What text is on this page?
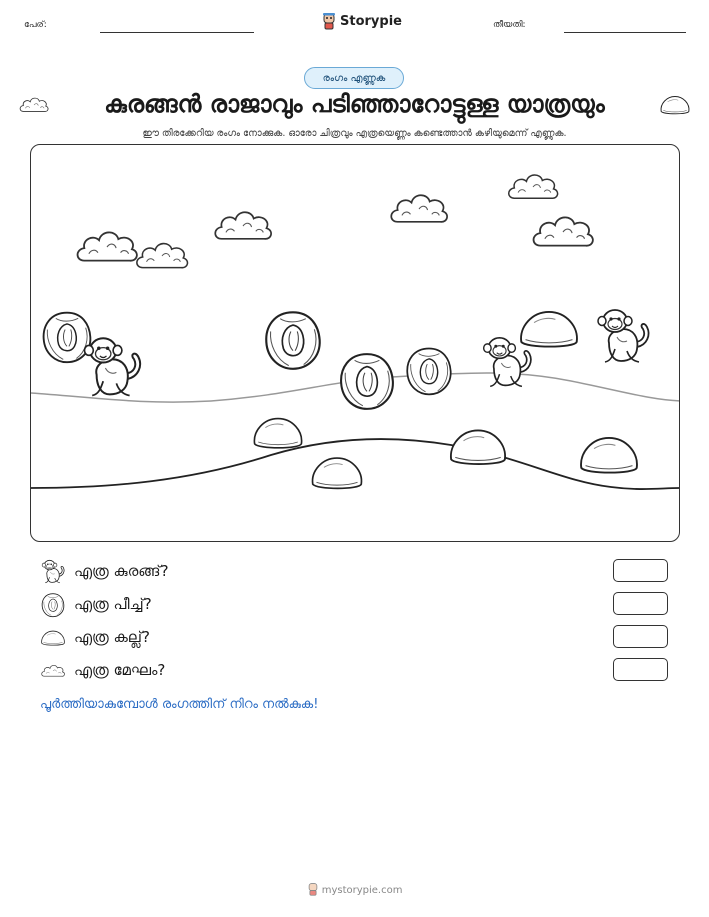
പേര്:	Storypie	തീയതി:
രംഗം എണ്ണുക
കുരങ്ങൻ രാജാവും പടിഞ്ഞാറോട്ടുള്ള യാത്രയും
ഈ തിരക്കേറിയ രംഗം നോക്കുക. ഓരോ ചിത്രവും എത്രയെണ്ണം കണ്ടെത്താൻ കഴിയുമെന്ന് എണ്ണുക.
എത്ര കുരങ്ങ്?
എത്ര പീച്ച്?
എത്ര കല്ല്?
എത്ര മേഘം?
പൂർത്തിയാകുമ്പോൾ രംഗത്തിന് നിറം നൽകുക!
mystorypie.com
